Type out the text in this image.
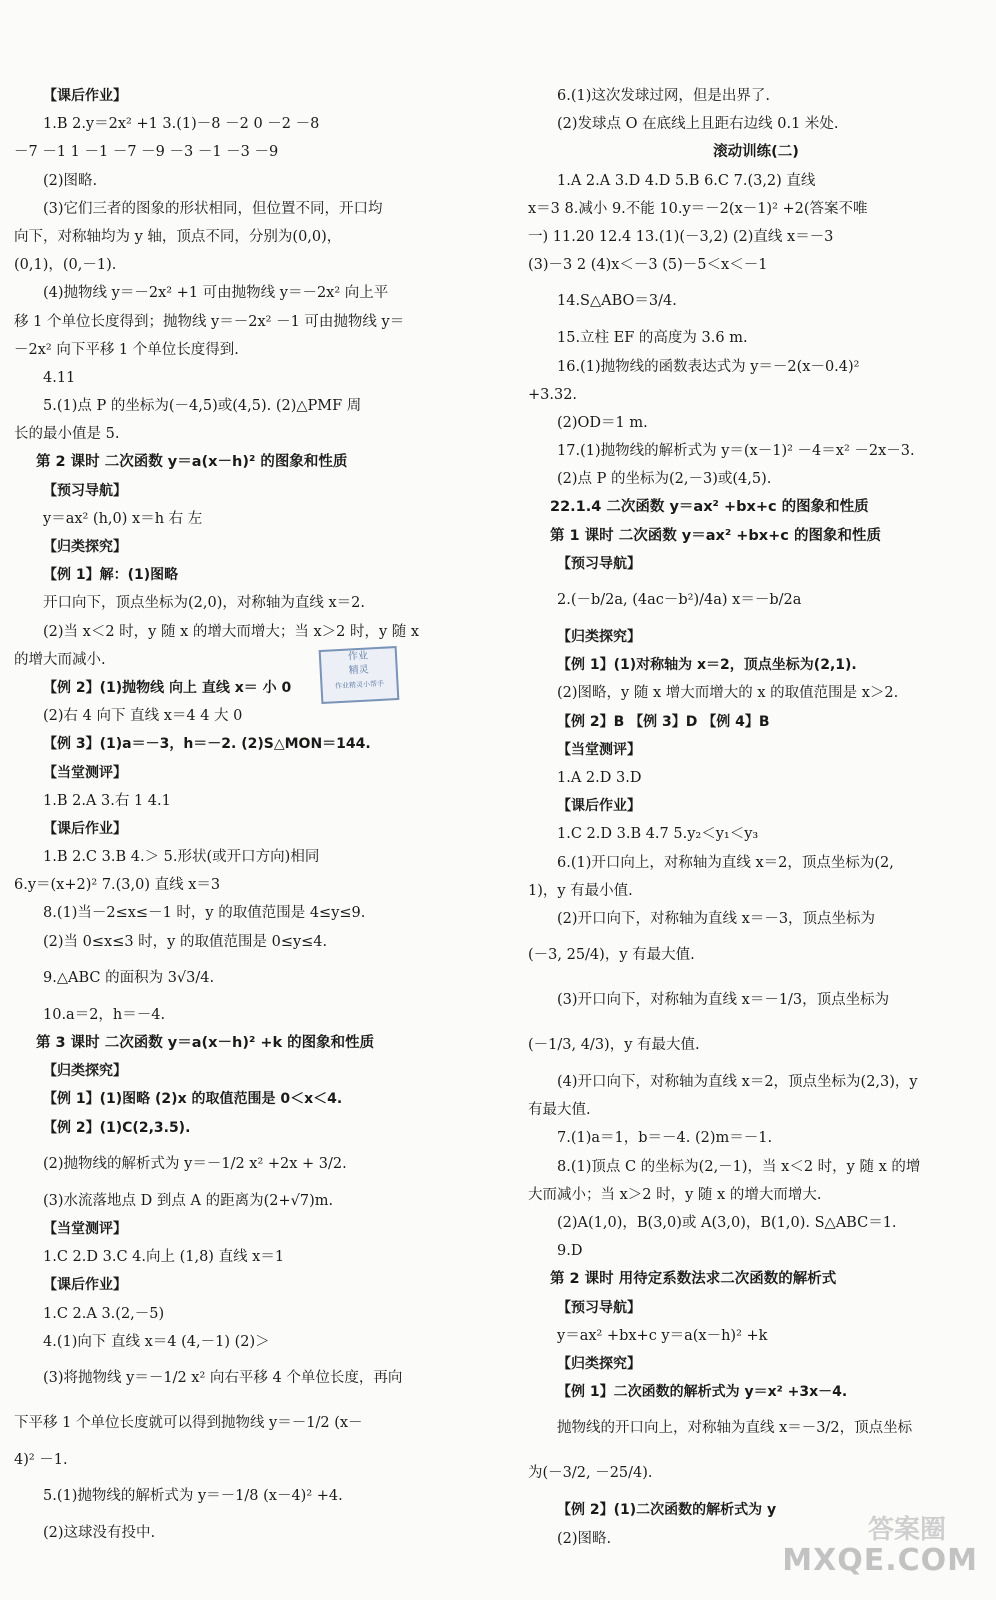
【课后作业】
1.B 2.y＝2x² +1 3.(1)－8 －2 0 －2 －8
－7 －1 1 －1 －7 －9 －3 －1 －3 －9
(2)图略.
(3)它们三者的图象的形状相同，但位置不同，开口均
向下，对称轴均为 y 轴，顶点不同，分别为(0,0)，
(0,1)，(0,－1).
(4)抛物线 y＝－2x² +1 可由抛物线 y＝－2x² 向上平
移 1 个单位长度得到；抛物线 y＝－2x² －1 可由抛物线 y＝
－2x² 向下平移 1 个单位长度得到.
4.11
5.(1)点 P 的坐标为(－4,5)或(4,5). (2)△PMF 周
长的最小值是 5.
第 2 课时 二次函数 y＝a(x－h)² 的图象和性质
【预习导航】
y＝ax² (h,0) x＝h 右 左
【归类探究】
【例 1】解：(1)图略
开口向下，顶点坐标为(2,0)，对称轴为直线 x＝2.
(2)当 x＜2 时，y 随 x 的增大而增大；当 x＞2 时，y 随 x
的增大而减小.
【例 2】(1)抛物线 向上 直线 x＝ 小 0
(2)右 4 向下 直线 x＝4 4 大 0
【例 3】(1)a＝－3，h＝－2. (2)S△MON＝144.
【当堂测评】
1.B 2.A 3.右 1 4.1
【课后作业】
1.B 2.C 3.B 4.＞ 5.形状(或开口方向)相同
6.y＝(x+2)² 7.(3,0) 直线 x＝3
8.(1)当－2≤x≤－1 时，y 的取值范围是 4≤y≤9.
(2)当 0≤x≤3 时，y 的取值范围是 0≤y≤4.
9.△ABC 的面积为 3√3/4.
10.a＝2，h＝－4.
第 3 课时 二次函数 y＝a(x－h)² +k 的图象和性质
【归类探究】
【例 1】(1)图略 (2)x 的取值范围是 0＜x＜4.
【例 2】(1)C(2,3.5).
(2)抛物线的解析式为 y＝－1/2 x² +2x + 3/2.
(3)水流落地点 D 到点 A 的距离为(2+√7)m.
【当堂测评】
1.C 2.D 3.C 4.向上 (1,8) 直线 x＝1
【课后作业】
1.C 2.A 3.(2,－5)
4.(1)向下 直线 x＝4 (4,－1) (2)＞
(3)将抛物线 y＝－1/2 x² 向右平移 4 个单位长度，再向
下平移 1 个单位长度就可以得到抛物线 y＝－1/2 (x－
4)² －1.
5.(1)抛物线的解析式为 y＝－1/8 (x－4)² +4.
(2)这球没有投中.
6.(1)这次发球过网，但是出界了.
(2)发球点 O 在底线上且距右边线 0.1 米处.
滚动训练(二)
1.A 2.A 3.D 4.D 5.B 6.C 7.(3,2) 直线
x＝3 8.减小 9.不能 10.y＝－2(x－1)² +2(答案不唯
一) 11.20 12.4 13.(1)(－3,2) (2)直线 x＝－3
(3)－3 2 (4)x＜－3 (5)－5＜x＜－1
14.S△ABO＝3/4.
15.立柱 EF 的高度为 3.6 m.
16.(1)抛物线的函数表达式为 y＝－2(x－0.4)²
+3.32.
(2)OD＝1 m.
17.(1)抛物线的解析式为 y＝(x－1)² －4＝x² －2x－3.
(2)点 P 的坐标为(2,－3)或(4,5).
22.1.4 二次函数 y＝ax² +bx+c 的图象和性质
第 1 课时 二次函数 y＝ax² +bx+c 的图象和性质
【预习导航】
2.(－b/2a, (4ac－b²)/4a) x＝－b/2a
【归类探究】
【例 1】(1)对称轴为 x＝2，顶点坐标为(2,1).
(2)图略，y 随 x 增大而增大的 x 的取值范围是 x＞2.
【例 2】B 【例 3】D 【例 4】B
【当堂测评】
1.A 2.D 3.D
【课后作业】
1.C 2.D 3.B 4.7 5.y₂＜y₁＜y₃
6.(1)开口向上，对称轴为直线 x＝2，顶点坐标为(2,
1)，y 有最小值.
(2)开口向下，对称轴为直线 x＝－3，顶点坐标为
(－3, 25/4)，y 有最大值.
(3)开口向下，对称轴为直线 x＝－1/3，顶点坐标为
(－1/3, 4/3)，y 有最大值.
(4)开口向下，对称轴为直线 x＝2，顶点坐标为(2,3)，y
有最大值.
7.(1)a＝1，b＝－4. (2)m＝－1.
8.(1)顶点 C 的坐标为(2,－1)，当 x＜2 时，y 随 x 的增
大而减小；当 x＞2 时，y 随 x 的增大而增大.
(2)A(1,0)，B(3,0)或 A(3,0)，B(1,0). S△ABC＝1.
9.D
第 2 课时 用待定系数法求二次函数的解析式
【预习导航】
y＝ax² +bx+c y＝a(x－h)² +k
【归类探究】
【例 1】二次函数的解析式为 y＝x² +3x－4.
抛物线的开口向上，对称轴为直线 x＝－3/2，顶点坐标
为(－3/2, －25/4).
【例 2】(1)二次函数的解析式为 y
(2)图略.
作业
精灵
作业精灵小帮手
答案圈
MXQE.COM
